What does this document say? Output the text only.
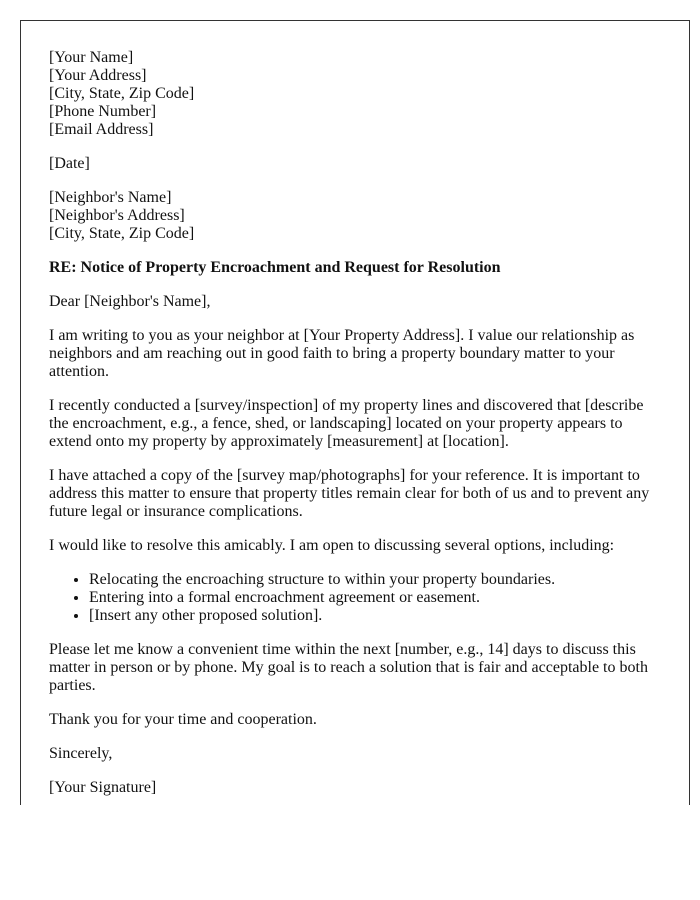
[Your Name]
[Your Address]
[City, State, Zip Code]
[Phone Number]
[Email Address]

[Date]

[Neighbor's Name]
[Neighbor's Address]
[City, State, Zip Code]

RE: Notice of Property Encroachment and Request for Resolution

Dear [Neighbor's Name],

I am writing to you as your neighbor at [Your Property Address]. I value our relationship as neighbors and am reaching out in good faith to bring a property boundary matter to your attention.

I recently conducted a [survey/inspection] of my property lines and discovered that [describe the encroachment, e.g., a fence, shed, or landscaping] located on your property appears to extend onto my property by approximately [measurement] at [location].

I have attached a copy of the [survey map/photographs] for your reference. It is important to address this matter to ensure that property titles remain clear for both of us and to prevent any future legal or insurance complications.

I would like to resolve this amicably. I am open to discussing several options, including:

• Relocating the encroaching structure to within your property boundaries.
• Entering into a formal encroachment agreement or easement.
• [Insert any other proposed solution].

Please let me know a convenient time within the next [number, e.g., 14] days to discuss this matter in person or by phone. My goal is to reach a solution that is fair and acceptable to both parties.

Thank you for your time and cooperation.

Sincerely,

[Your Signature]
